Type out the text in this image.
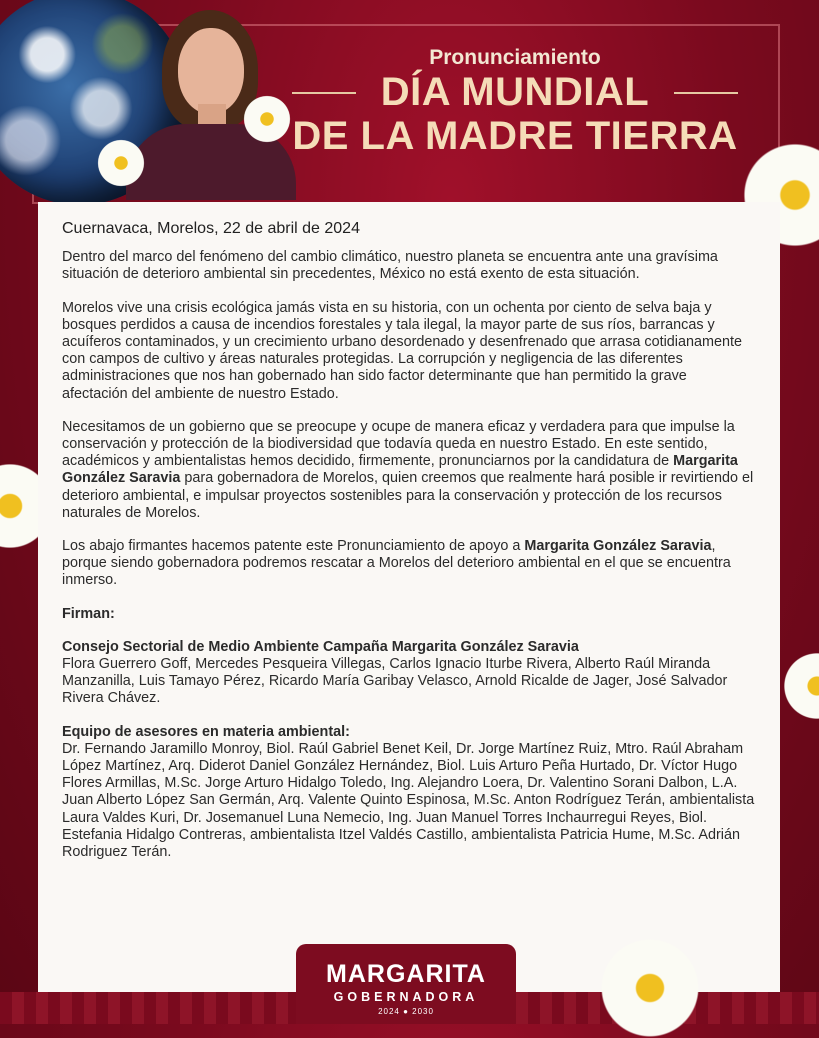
Pronunciamiento
DÍA MUNDIAL
DE LA MADRE TIERRA

Cuernavaca, Morelos, 22 de abril de 2024

Dentro del marco del fenómeno del cambio climático, nuestro planeta se encuentra ante una gravísima situación de deterioro ambiental sin precedentes, México no está exento de esta situación.

Morelos vive una crisis ecológica jamás vista en su historia, con un ochenta por ciento de selva baja y bosques perdidos a causa de incendios forestales y tala ilegal, la mayor parte de sus ríos, barrancas y acuíferos contaminados, y un crecimiento urbano desordenado y desenfrenado que arrasa cotidianamente con campos de cultivo y áreas naturales protegidas. La corrupción y negligencia de las diferentes administraciones que nos han gobernado han sido factor determinante que han permitido la grave afectación del ambiente de nuestro Estado.

Necesitamos de un gobierno que se preocupe y ocupe de manera eficaz y verdadera para que impulse la conservación y protección de la biodiversidad que todavía queda en nuestro Estado. En este sentido, académicos y ambientalistas hemos decidido, firmemente, pronunciarnos por la candidatura de Margarita González Saravia para gobernadora de Morelos, quien creemos que realmente hará posible ir revirtiendo el deterioro ambiental, e impulsar proyectos sostenibles para la conservación y protección de los recursos naturales de Morelos.

Los abajo firmantes hacemos patente este Pronunciamiento de apoyo a Margarita González Saravia, porque siendo gobernadora podremos rescatar a Morelos del deterioro ambiental en el que se encuentra inmerso.

Firman:

Consejo Sectorial de Medio Ambiente Campaña Margarita González Saravia
Flora Guerrero Goff, Mercedes Pesqueira Villegas, Carlos Ignacio Iturbe Rivera, Alberto Raúl Miranda Manzanilla, Luis Tamayo Pérez, Ricardo María Garibay Velasco, Arnold Ricalde de Jager, José Salvador Rivera Chávez.

Equipo de asesores en materia ambiental:
Dr. Fernando Jaramillo Monroy, Biol. Raúl Gabriel Benet Keil, Dr. Jorge Martínez Ruiz, Mtro. Raúl Abraham López Martínez, Arq. Diderot Daniel González Hernández, Biol. Luis Arturo Peña Hurtado, Dr. Víctor Hugo Flores Armillas, M.Sc. Jorge Arturo Hidalgo Toledo, Ing. Alejandro Loera, Dr. Valentino Sorani Dalbon, L.A. Juan Alberto López San Germán, Arq. Valente Quinto Espinosa, M.Sc. Anton Rodríguez Terán, ambientalista Laura Valdes Kuri, Dr. Josemanuel Luna Nemecio, Ing. Juan Manuel Torres Inchaurregui Reyes, Biol. Estefania Hidalgo Contreras, ambientalista Itzel Valdés Castillo, ambientalista Patricia Hume, M.Sc. Adrián Rodriguez Terán.

MARGARITA
GOBERNADORA
2024 ● 2030
